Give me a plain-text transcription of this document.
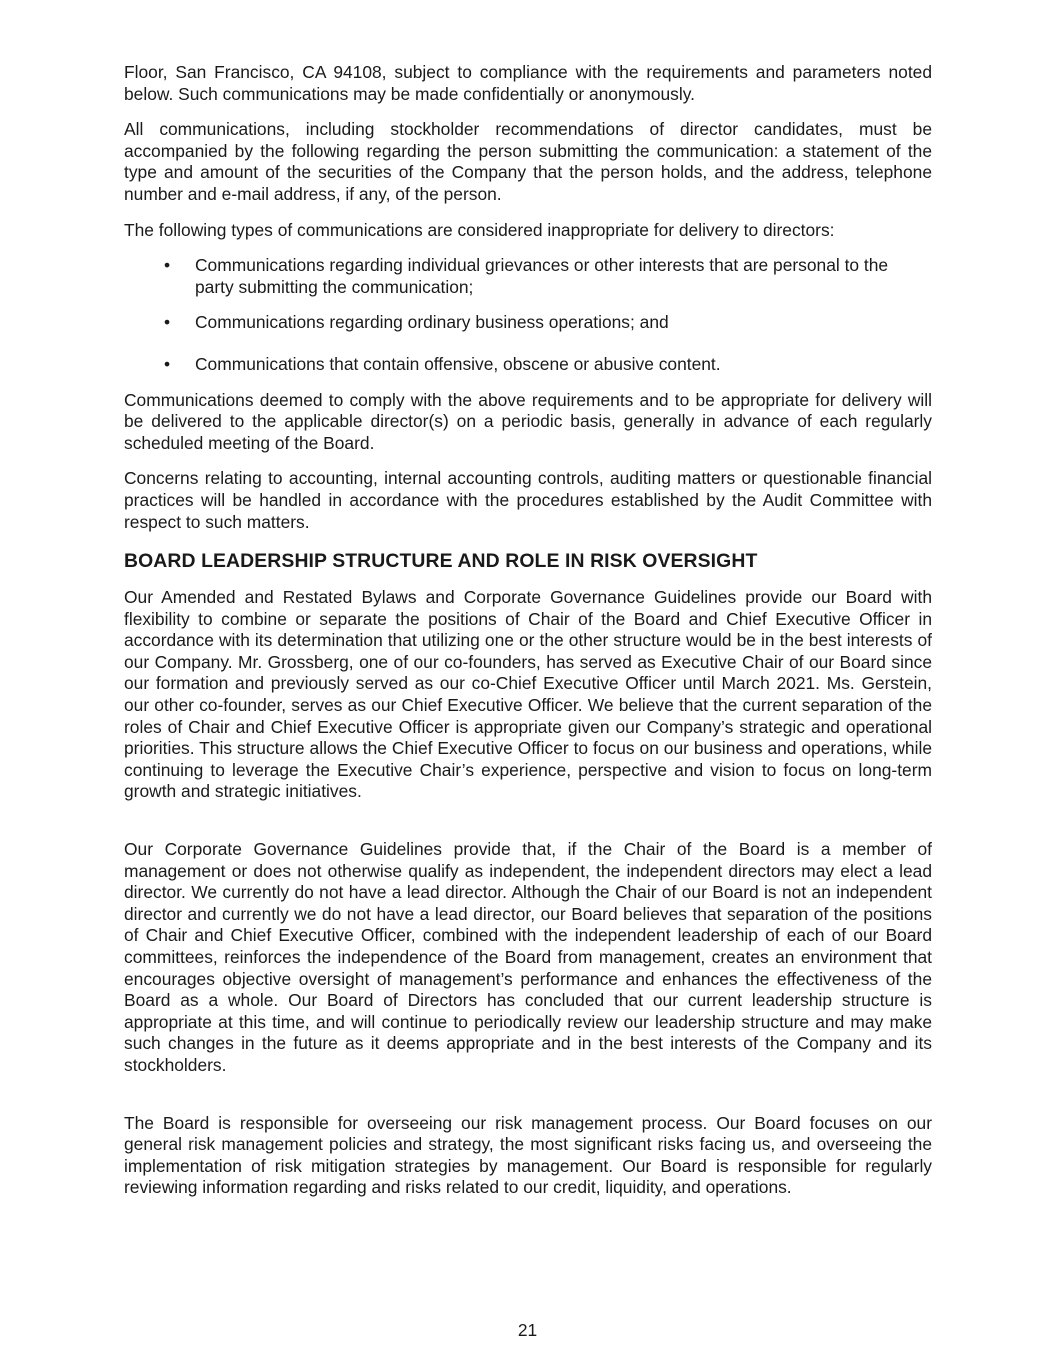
Floor, San Francisco, CA 94108, subject to compliance with the requirements and parameters noted below. Such communications may be made confidentially or anonymously.

All communications, including stockholder recommendations of director candidates, must be accompanied by the following regarding the person submitting the communication: a statement of the type and amount of the securities of the Company that the person holds, and the address, telephone number and e-mail address, if any, of the person.

The following types of communications are considered inappropriate for delivery to directors:

• Communications regarding individual grievances or other interests that are personal to the party submitting the communication;
• Communications regarding ordinary business operations; and
• Communications that contain offensive, obscene or abusive content.

Communications deemed to comply with the above requirements and to be appropriate for delivery will be delivered to the applicable director(s) on a periodic basis, generally in advance of each regularly scheduled meeting of the Board.

Concerns relating to accounting, internal accounting controls, auditing matters or questionable financial practices will be handled in accordance with the procedures established by the Audit Committee with respect to such matters.

BOARD LEADERSHIP STRUCTURE AND ROLE IN RISK OVERSIGHT

Our Amended and Restated Bylaws and Corporate Governance Guidelines provide our Board with flexibility to combine or separate the positions of Chair of the Board and Chief Executive Officer in accordance with its determination that utilizing one or the other structure would be in the best interests of our Company. Mr. Grossberg, one of our co-founders, has served as Executive Chair of our Board since our formation and previously served as our co-Chief Executive Officer until March 2021. Ms. Gerstein, our other co-founder, serves as our Chief Executive Officer. We believe that the current separation of the roles of Chair and Chief Executive Officer is appropriate given our Company’s strategic and operational priorities. This structure allows the Chief Executive Officer to focus on our business and operations, while continuing to leverage the Executive Chair’s experience, perspective and vision to focus on long-term growth and strategic initiatives.

Our Corporate Governance Guidelines provide that, if the Chair of the Board is a member of management or does not otherwise qualify as independent, the independent directors may elect a lead director. We currently do not have a lead director. Although the Chair of our Board is not an independent director and currently we do not have a lead director, our Board believes that separation of the positions of Chair and Chief Executive Officer, combined with the independent leadership of each of our Board committees, reinforces the independence of the Board from management, creates an environment that encourages objective oversight of management’s performance and enhances the effectiveness of the Board as a whole. Our Board of Directors has concluded that our current leadership structure is appropriate at this time, and will continue to periodically review our leadership structure and may make such changes in the future as it deems appropriate and in the best interests of the Company and its stockholders.

The Board is responsible for overseeing our risk management process. Our Board focuses on our general risk management policies and strategy, the most significant risks facing us, and overseeing the implementation of risk mitigation strategies by management. Our Board is responsible for regularly reviewing information regarding and risks related to our credit, liquidity, and operations.

21
